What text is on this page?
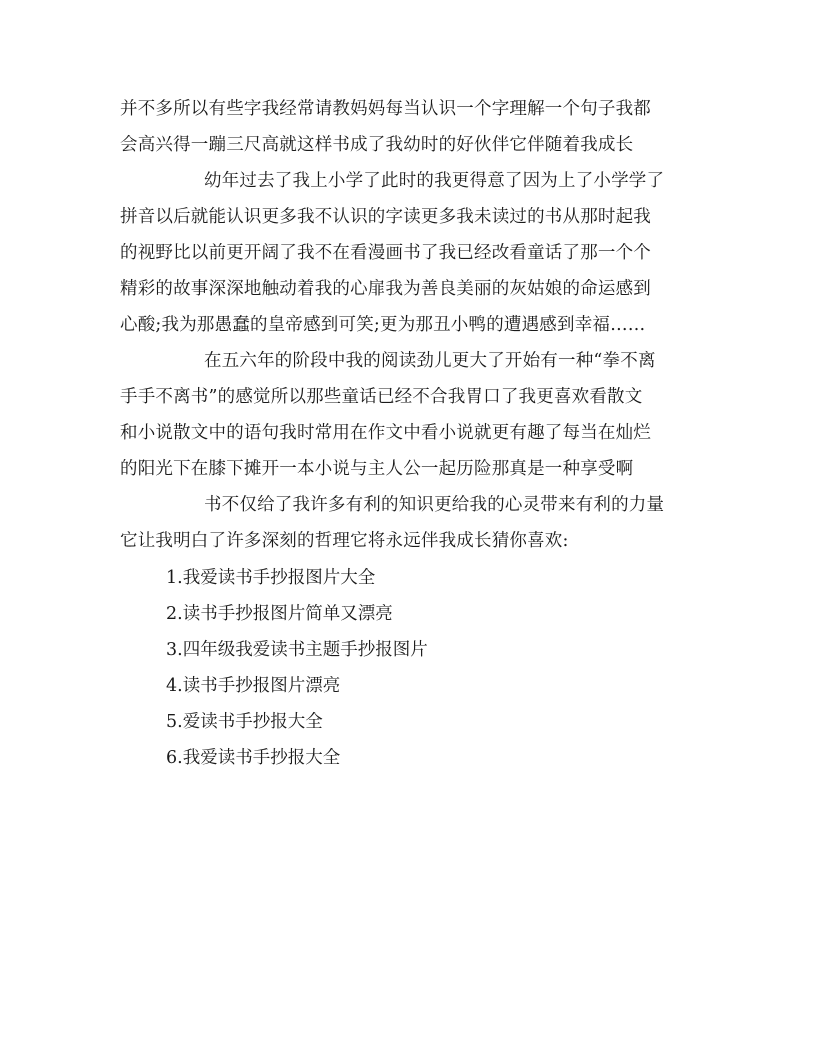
并不多所以有些字我经常请教妈妈每当认识一个字理解一个句子我都
会高兴得一蹦三尺高就这样书成了我幼时的好伙伴它伴随着我成长
幼年过去了我上小学了此时的我更得意了因为上了小学学了
拼音以后就能认识更多我不认识的字读更多我未读过的书从那时起我
的视野比以前更开阔了我不在看漫画书了我已经改看童话了那一个个
精彩的故事深深地触动着我的心扉我为善良美丽的灰姑娘的命运感到
心酸;我为那愚蠢的皇帝感到可笑;更为那丑小鸭的遭遇感到幸福……
在五六年的阶段中我的阅读劲儿更大了开始有一种“拳不离
手手不离书”的感觉所以那些童话已经不合我胃口了我更喜欢看散文
和小说散文中的语句我时常用在作文中看小说就更有趣了每当在灿烂
的阳光下在膝下摊开一本小说与主人公一起历险那真是一种享受啊
书不仅给了我许多有利的知识更给我的心灵带来有利的力量
它让我明白了许多深刻的哲理它将永远伴我成长猜你喜欢:
1.我爱读书手抄报图片大全
2.读书手抄报图片简单又漂亮
3.四年级我爱读书主题手抄报图片
4.读书手抄报图片漂亮
5.爱读书手抄报大全
6.我爱读书手抄报大全
